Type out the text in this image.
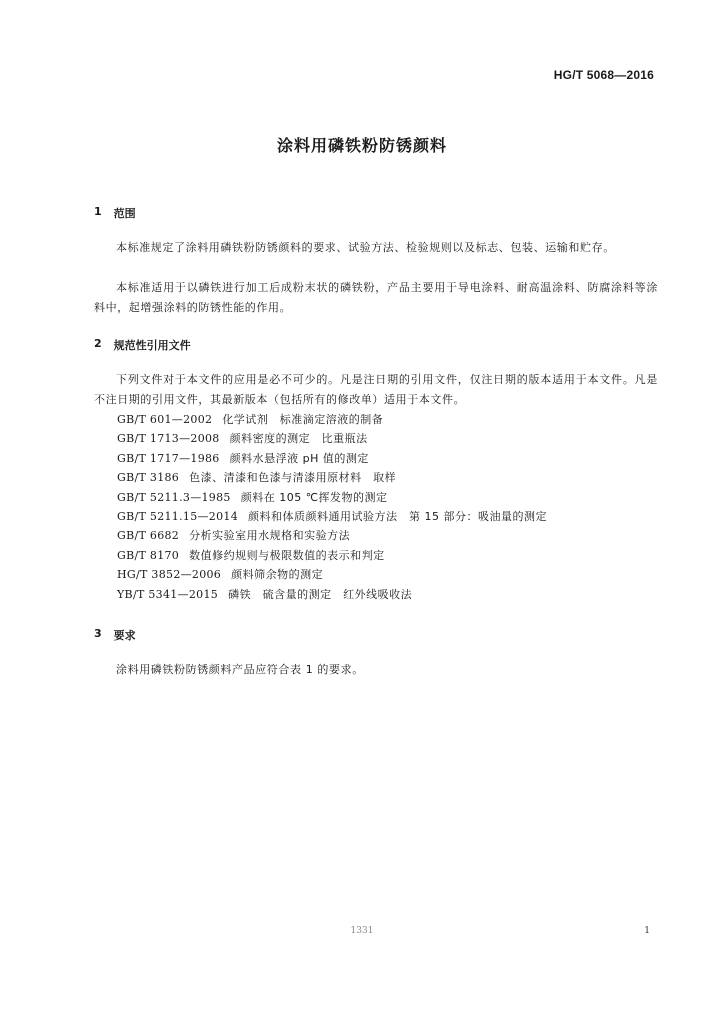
HG/T 5068—2016
涂料用磷铁粉防锈颜料
1 范围

本标准规定了涂料用磷铁粉防锈颜料的要求、试验方法、检验规则以及标志、包装、运输和贮存。

本标准适用于以磷铁进行加工后成粉末状的磷铁粉，产品主要用于导电涂料、耐高温涂料、防腐涂料等涂料中，起增强涂料的防锈性能的作用。

2 规范性引用文件

下列文件对于本文件的应用是必不可少的。凡是注日期的引用文件，仅注日期的版本适用于本文件。凡是不注日期的引用文件，其最新版本（包括所有的修改单）适用于本文件。

GB/T 601—2002 化学试剂　标准滴定溶液的制备
GB/T 1713—2008 颜料密度的测定　比重瓶法
GB/T 1717—1986 颜料水悬浮液 pH 值的测定
GB/T 3186 色漆、清漆和色漆与清漆用原材料　取样
GB/T 5211.3—1985 颜料在 105 ℃挥发物的测定
GB/T 5211.15—2014 颜料和体质颜料通用试验方法　第 15 部分：吸油量的测定
GB/T 6682 分析实验室用水规格和实验方法
GB/T 8170 数值修约规则与极限数值的表示和判定
HG/T 3852—2006 颜料筛余物的测定
YB/T 5341—2015 磷铁　硫含量的测定　红外线吸收法
3 要求

涂料用磷铁粉防锈颜料产品应符合表 1 的要求。

1331	1
